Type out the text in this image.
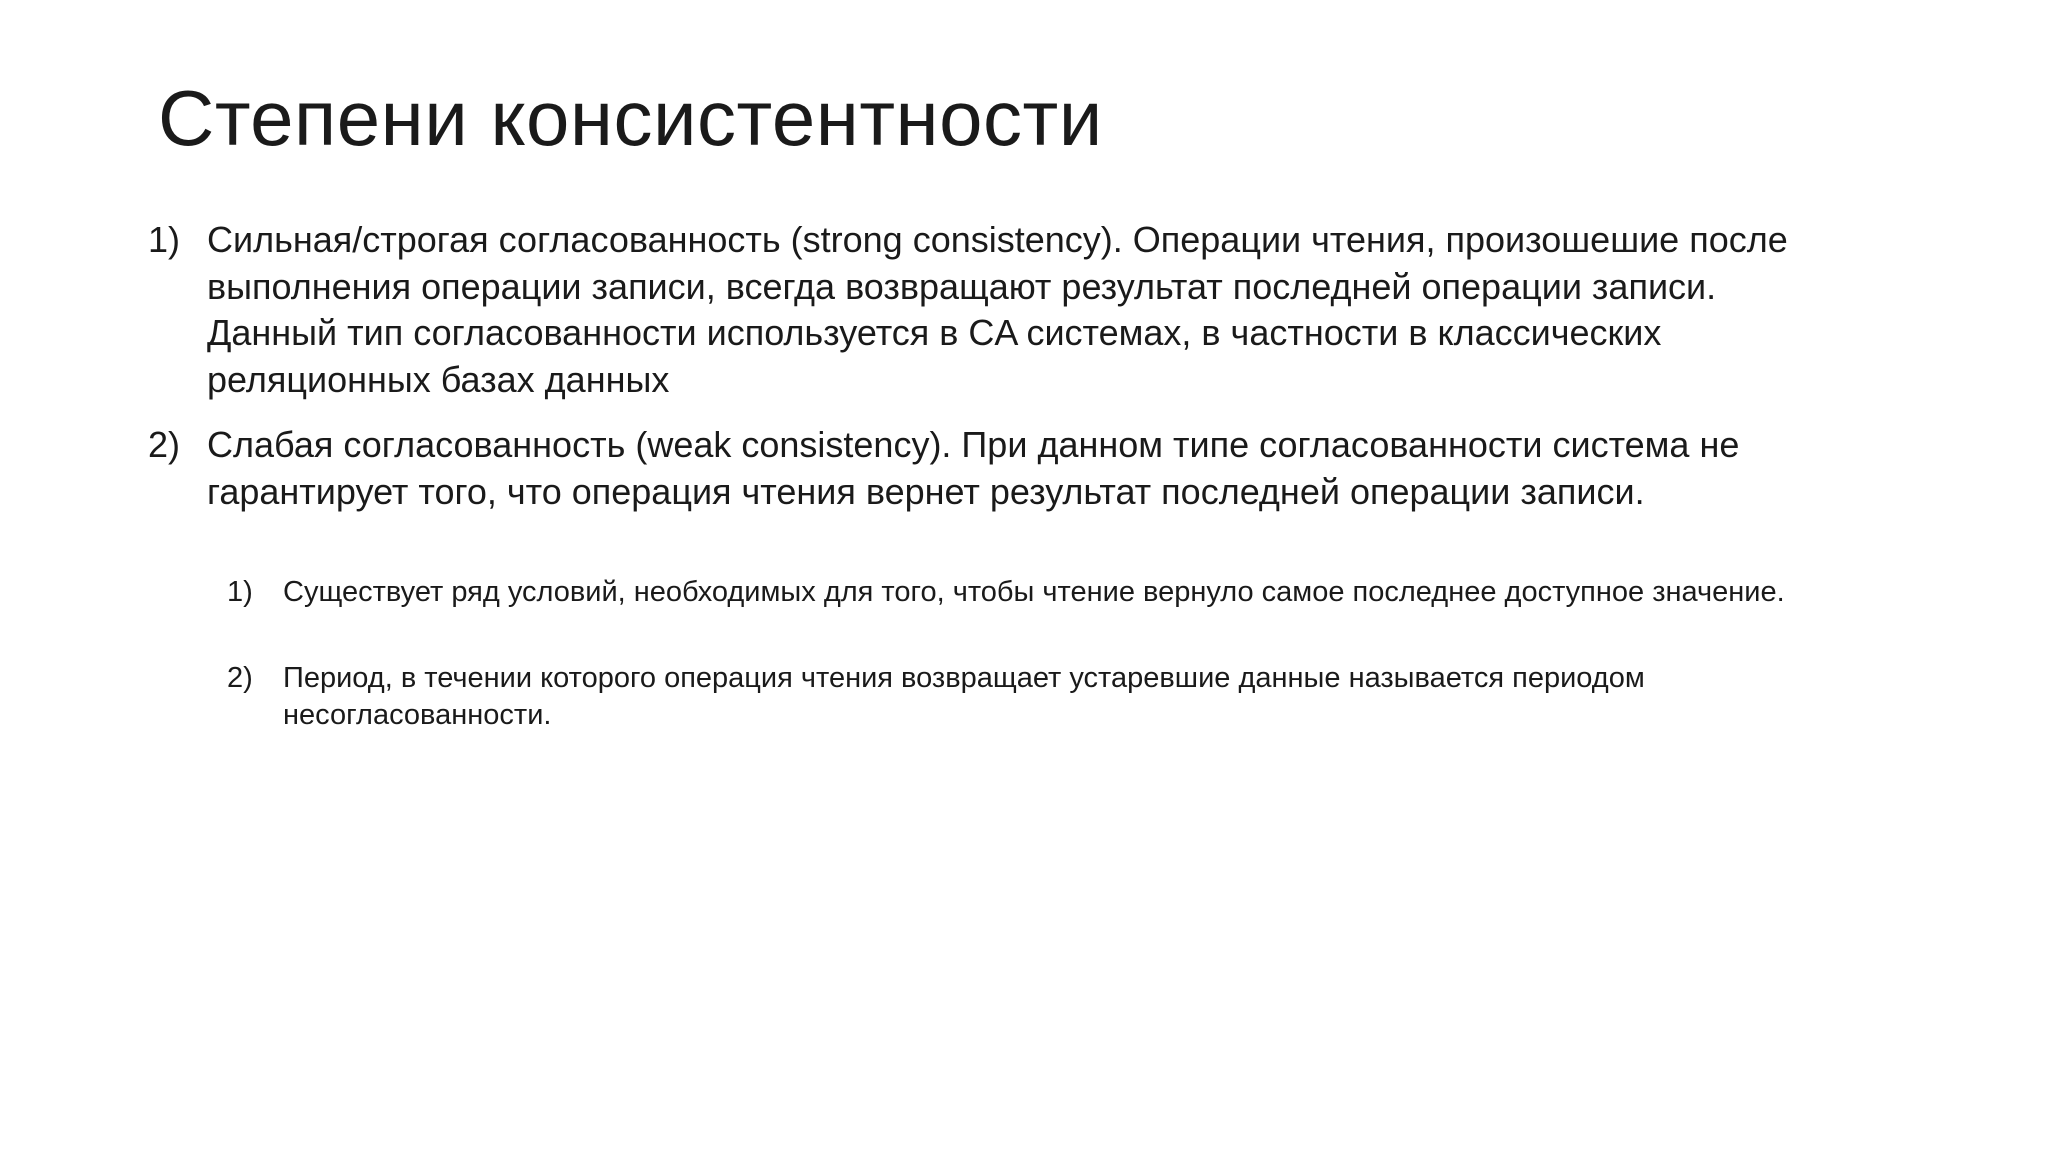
Степени консистентности
1) Сильная/строгая согласованность (strong consistency). Операции чтения, произошешие после выполнения операции записи, всегда возвращают результат последней операции записи. Данный тип согласованности используется в CA системах, в частности в классических реляционных базах данных
2) Слабая согласованность (weak consistency). При данном типе согласованности система не гарантирует того, что операция чтения вернет результат последней операции записи.
1)	Существует ряд условий, необходимых для того, чтобы чтение вернуло самое последнее доступное значение.
2)	Период, в течении которого операция чтения возвращает устаревшие данные называется периодом несогласованности.
